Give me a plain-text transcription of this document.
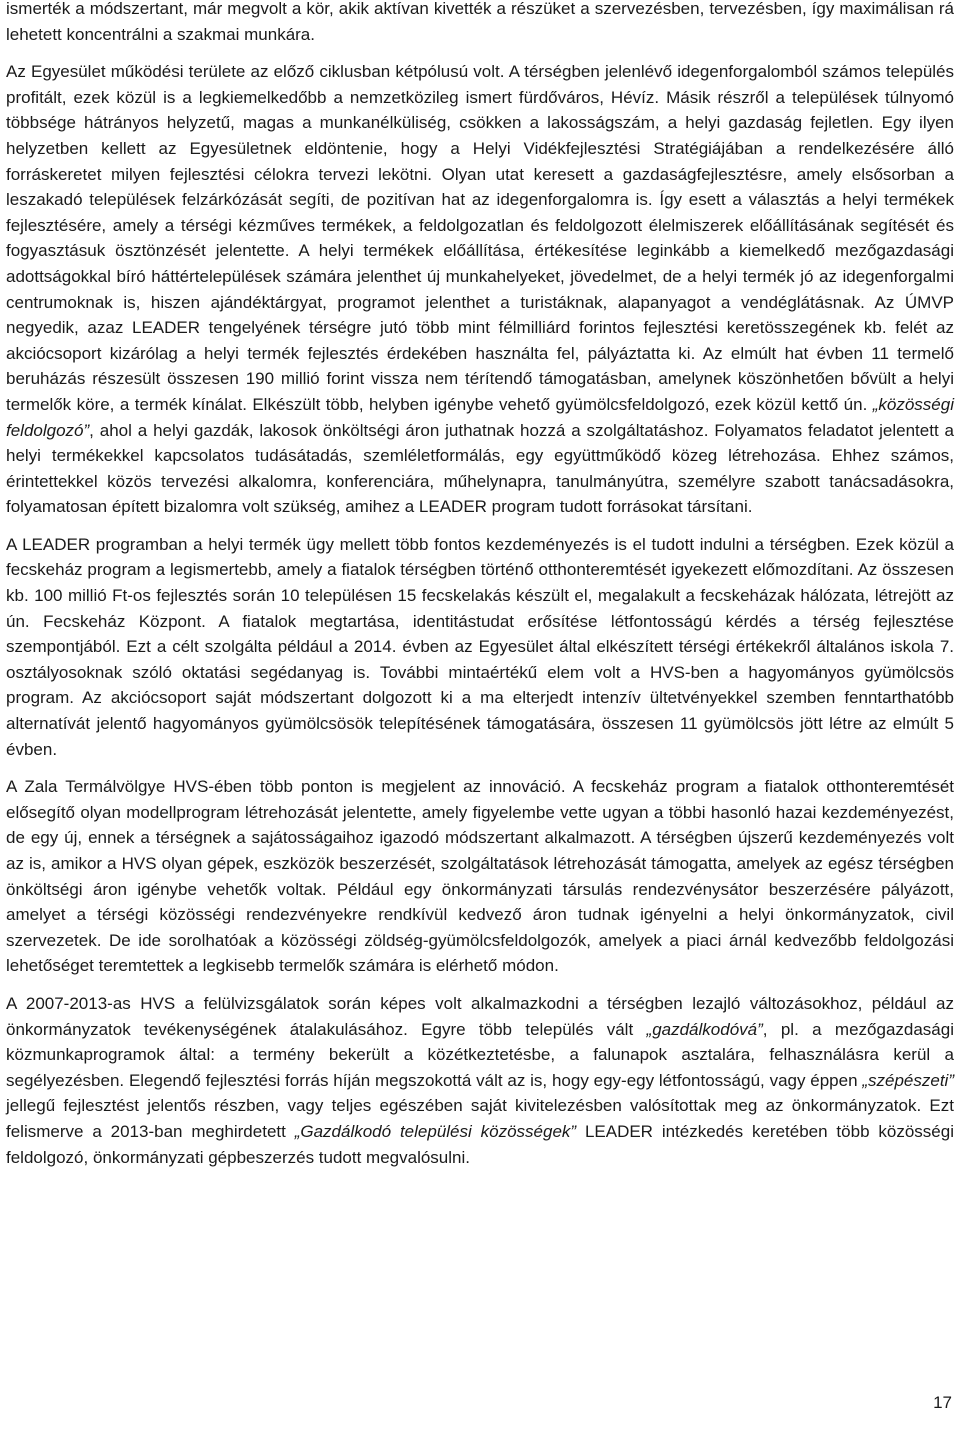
ismerték a módszertant, már megvolt a kör, akik aktívan kivették a részüket a szervezésben, tervezésben, így maximálisan rá lehetett koncentrálni a szakmai munkára.

Az Egyesület működési területe az előző ciklusban kétpólusú volt. A térségben jelenlévő idegenforgalomból számos település profitált, ezek közül is a legkiemelkedőbb a nemzetközileg ismert fürdőváros, Hévíz. Másik részről a települések túlnyomó többsége hátrányos helyzetű, magas a munkanélküliség, csökken a lakosságszám, a helyi gazdaság fejletlen. Egy ilyen helyzetben kellett az Egyesületnek eldöntenie, hogy a Helyi Vidékfejlesztési Stratégiájában a rendelkezésére álló forráskeretet milyen fejlesztési célokra tervezi lekötni. Olyan utat keresett a gazdaságfejlesztésre, amely elsősorban a leszakadó települések felzárkózását segíti, de pozitívan hat az idegenforgalomra is. Így esett a választás a helyi termékek fejlesztésére, amely a térségi kézműves termékek, a feldolgozatlan és feldolgozott élelmiszerek előállításának segítését és fogyasztásuk ösztönzését jelentette. A helyi termékek előállítása, értékesítése leginkább a kiemelkedő mezőgazdasági adottságokkal bíró háttértelepülések számára jelenthet új munkahelyeket, jövedelmet, de a helyi termék jó az idegenforgalmi centrumoknak is, hiszen ajándéktárgyat, programot jelenthet a turistáknak, alapanyagot a vendéglátásnak. Az ÚMVP negyedik, azaz LEADER tengelyének térségre jutó több mint félmilliárd forintos fejlesztési keretösszegének kb. felét az akciócsoport kizárólag a helyi termék fejlesztés érdekében használta fel, pályáztatta ki. Az elmúlt hat évben 11 termelő beruházás részesült összesen 190 millió forint vissza nem térítendő támogatásban, amelynek köszönhetően bővült a helyi termelők köre, a termék kínálat. Elkészült több, helyben igénybe vehető gyümölcsfeldolgozó, ezek közül kettő ún. „közösségi feldolgozó”, ahol a helyi gazdák, lakosok önköltségi áron juthatnak hozzá a szolgáltatáshoz. Folyamatos feladatot jelentett a helyi termékekkel kapcsolatos tudásátadás, szemléletformálás, egy együttműködő közeg létrehozása. Ehhez számos, érintettekkel közös tervezési alkalomra, konferenciára, műhelynapra, tanulmányútra, személyre szabott tanácsadásokra, folyamatosan épített bizalomra volt szükség, amihez a LEADER program tudott forrásokat társítani.

A LEADER programban a helyi termék ügy mellett több fontos kezdeményezés is el tudott indulni a térségben. Ezek közül a fecskeház program a legismertebb, amely a fiatalok térségben történő otthonteremtését igyekezett előmozdítani. Az összesen kb. 100 millió Ft-os fejlesztés során 10 településen 15 fecskelakás készült el, megalakult a fecskeházak hálózata, létrejött az ún. Fecskeház Központ. A fiatalok megtartása, identitástudat erősítése létfontosságú kérdés a térség fejlesztése szempontjából. Ezt a célt szolgálta például a 2014. évben az Egyesület által elkészített térségi értékekről általános iskola 7. osztályosoknak szóló oktatási segédanyag is. További mintaértékű elem volt a HVS-ben a hagyományos gyümölcsös program. Az akciócsoport saját módszertant dolgozott ki a ma elterjedt intenzív ültetvényekkel szemben fenntarthatóbb alternatívát jelentő hagyományos gyümölcsösök telepítésének támogatására, összesen 11 gyümölcsös jött létre az elmúlt 5 évben.

A Zala Termálvölgye HVS-ében több ponton is megjelent az innováció. A fecskeház program a fiatalok otthonteremtését elősegítő olyan modellprogram létrehozását jelentette, amely figyelembe vette ugyan a többi hasonló hazai kezdeményezést, de egy új, ennek a térségnek a sajátosságaihoz igazodó módszertant alkalmazott. A térségben újszerű kezdeményezés volt az is, amikor a HVS olyan gépek, eszközök beszerzését, szolgáltatások létrehozását támogatta, amelyek az egész térségben önköltségi áron igénybe vehetők voltak. Például egy önkormányzati társulás rendezvénysátor beszerzésére pályázott, amelyet a térségi közösségi rendezvényekre rendkívül kedvező áron tudnak igényelni a helyi önkormányzatok, civil szervezetek. De ide sorolhatóak a közösségi zöldség-gyümölcsfeldolgozók, amelyek a piaci árnál kedvezőbb feldolgozási lehetőséget teremtettek a legkisebb termelők számára is elérhető módon.

A 2007-2013-as HVS a felülvizsgálatok során képes volt alkalmazkodni a térségben lezajló változásokhoz, például az önkormányzatok tevékenységének átalakulásához. Egyre több település vált „gazdálkodóvá”, pl. a mezőgazdasági közmunkaprogramok által: a termény bekerült a közétkeztetésbe, a falunapok asztalára, felhasználásra kerül a segélyezésben. Elegendő fejlesztési forrás híján megszokottá vált az is, hogy egy-egy létfontosságú, vagy éppen „szépészeti” jellegű fejlesztést jelentős részben, vagy teljes egészében saját kivitelezésben valósítottak meg az önkormányzatok. Ezt felismerve a 2013-ban meghirdetett „Gazdálkodó települési közösségek” LEADER intézkedés keretében több közösségi feldolgozó, önkormányzati gépbeszerzés tudott megvalósulni.

17
